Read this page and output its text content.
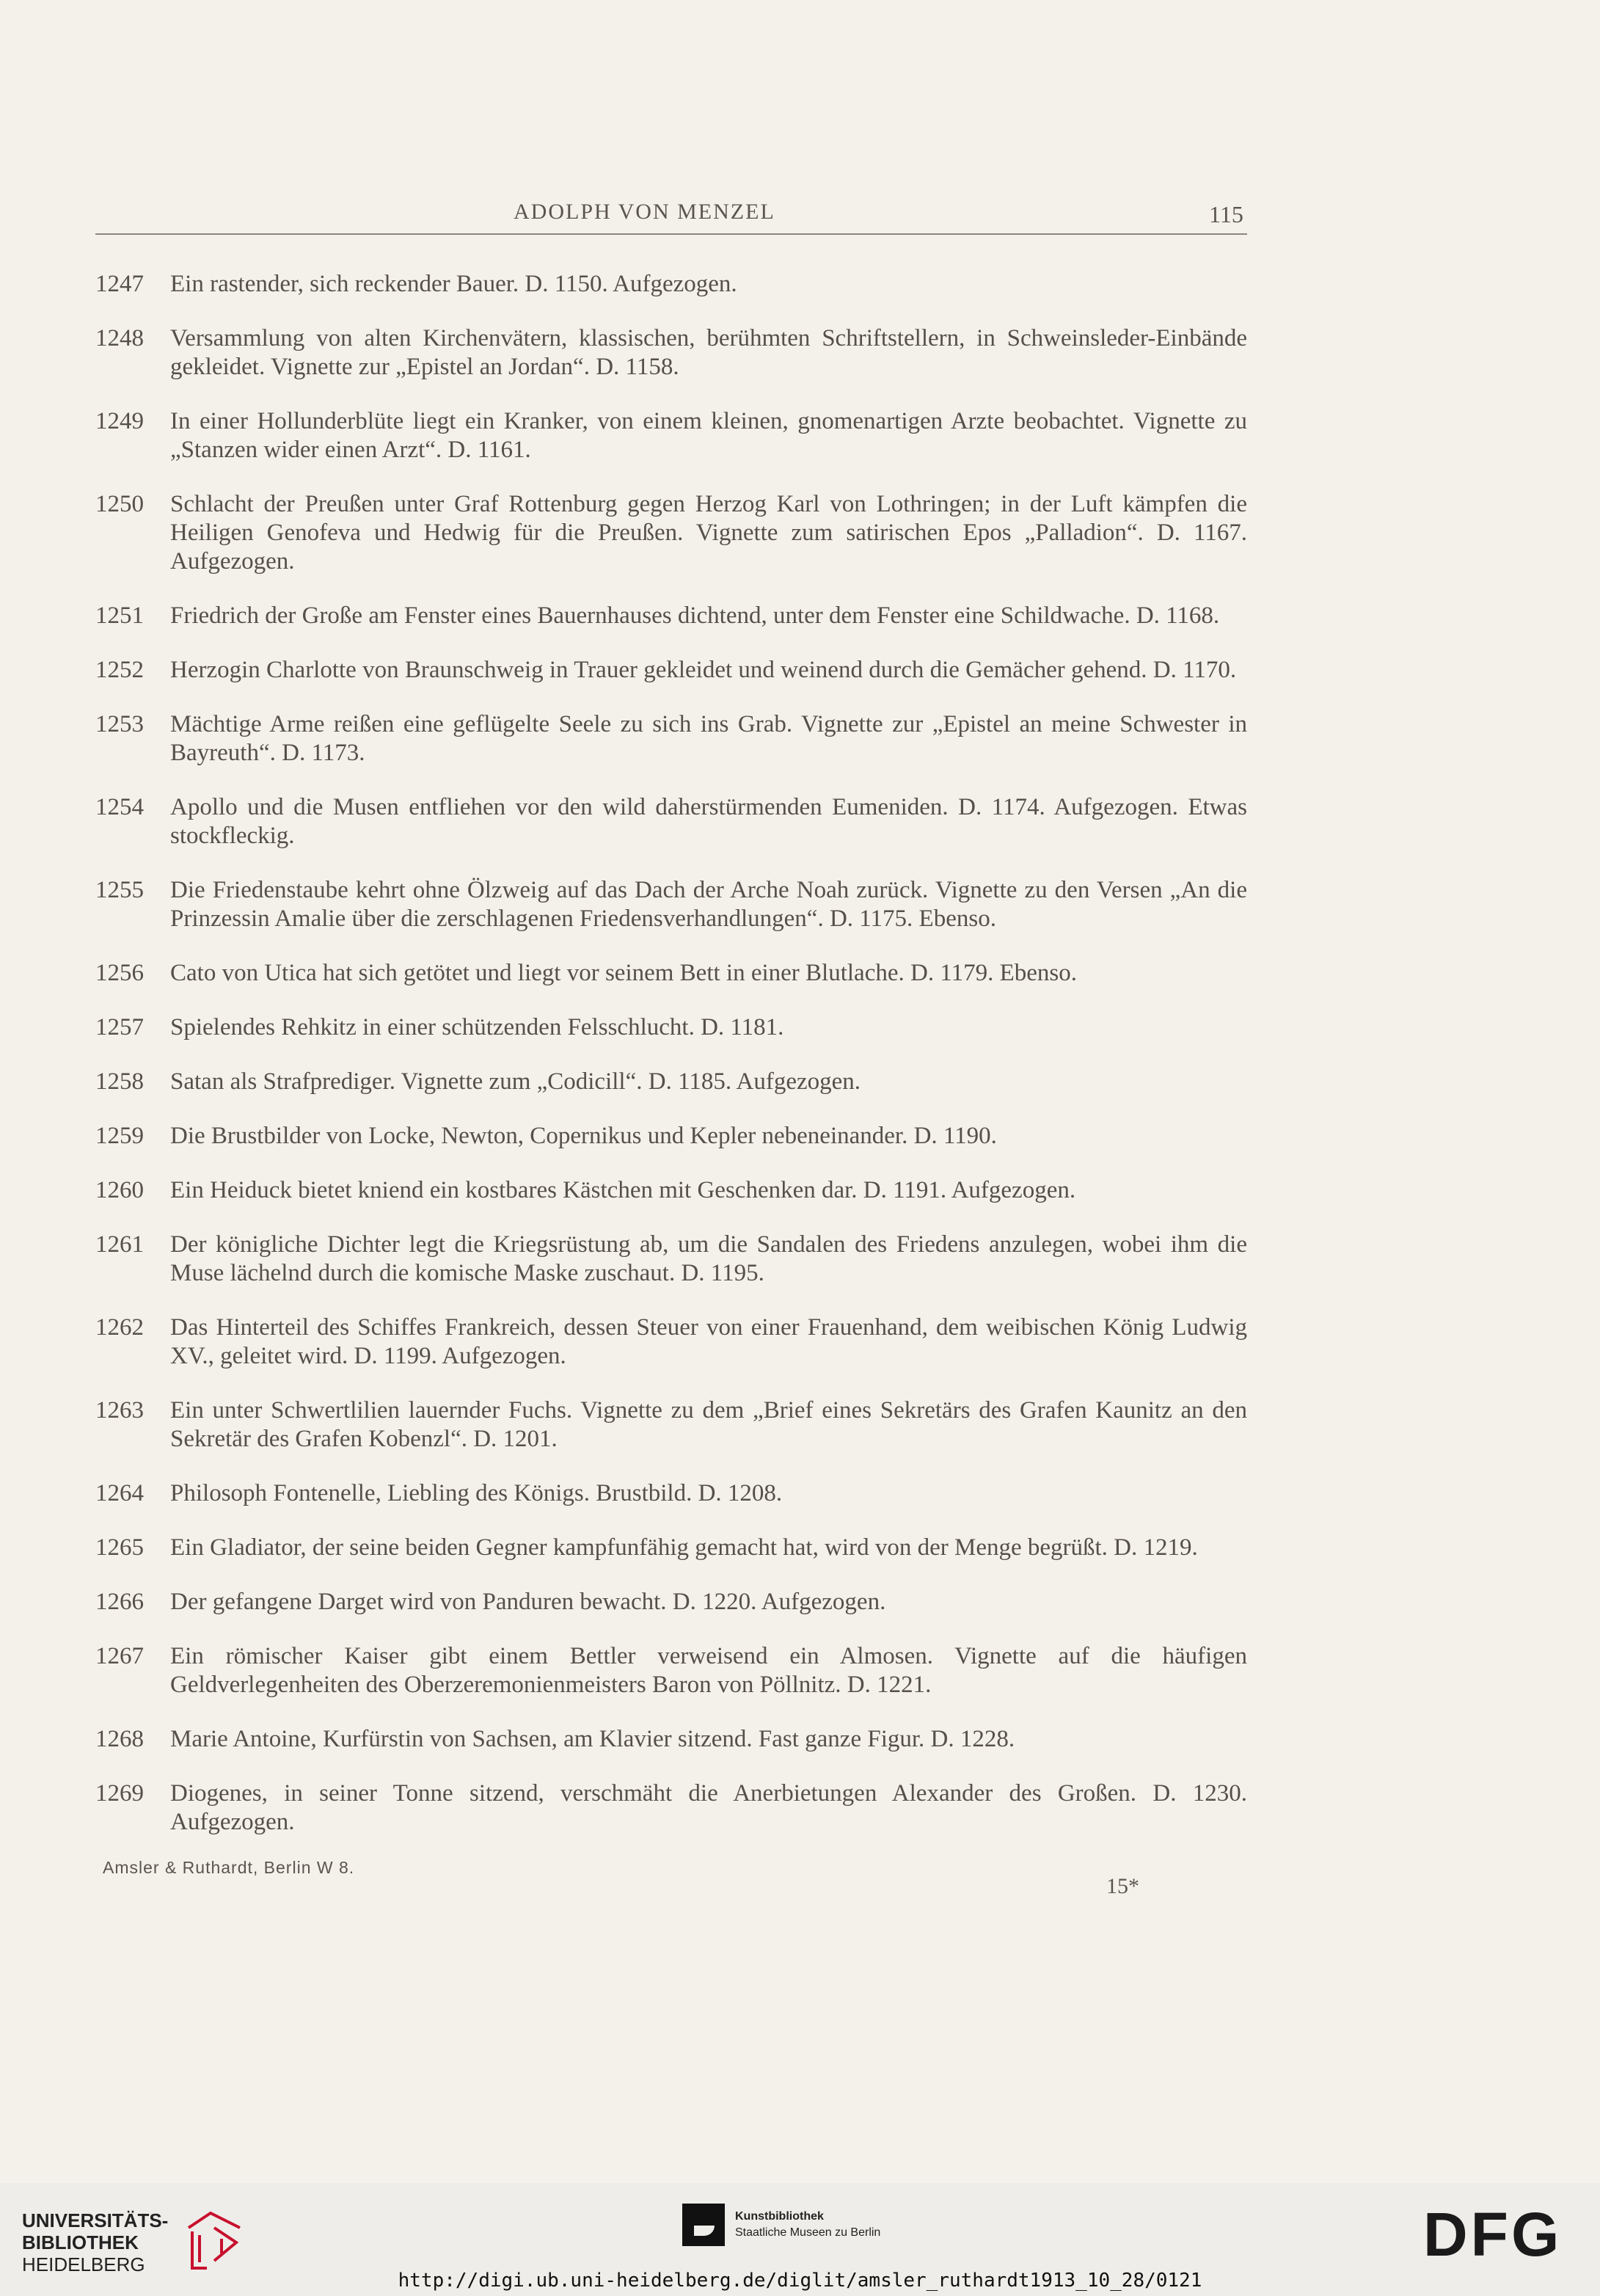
ADOLPH VON MENZEL	115
1247	Ein rastender, sich reckender Bauer. D. 1150. Aufgezogen.
1248	Versammlung von alten Kirchenvätern, klassischen, berühmten Schriftstellern, in Schweinsleder-Einbände gekleidet. Vignette zur „Epistel an Jordan“. D. 1158.
1249	In einer Hollunderblüte liegt ein Kranker, von einem kleinen, gnomenartigen Arzte beobachtet. Vignette zu „Stanzen wider einen Arzt“. D. 1161.
1250	Schlacht der Preußen unter Graf Rottenburg gegen Herzog Karl von Lothringen; in der Luft kämpfen die Heiligen Genofeva und Hedwig für die Preußen. Vignette zum satirischen Epos „Palladion“. D. 1167. Aufgezogen.
1251	Friedrich der Große am Fenster eines Bauernhauses dichtend, unter dem Fenster eine Schildwache. D. 1168.
1252	Herzogin Charlotte von Braunschweig in Trauer gekleidet und weinend durch die Gemächer gehend. D. 1170.
1253	Mächtige Arme reißen eine geflügelte Seele zu sich ins Grab. Vignette zur „Epistel an meine Schwester in Bayreuth“. D. 1173.
1254	Apollo und die Musen entfliehen vor den wild daherstürmenden Eumeniden. D. 1174. Aufgezogen. Etwas stockfleckig.
1255	Die Friedenstaube kehrt ohne Ölzweig auf das Dach der Arche Noah zurück. Vignette zu den Versen „An die Prinzessin Amalie über die zerschlagenen Friedensverhandlungen“. D. 1175. Ebenso.
1256	Cato von Utica hat sich getötet und liegt vor seinem Bett in einer Blutlache. D. 1179. Ebenso.
1257	Spielendes Rehkitz in einer schützenden Felsschlucht. D. 1181.
1258	Satan als Strafprediger. Vignette zum „Codicill“. D. 1185. Aufgezogen.
1259	Die Brustbilder von Locke, Newton, Copernikus und Kepler nebeneinander. D. 1190.
1260	Ein Heiduck bietet kniend ein kostbares Kästchen mit Geschenken dar. D. 1191. Aufgezogen.
1261	Der königliche Dichter legt die Kriegsrüstung ab, um die Sandalen des Friedens anzulegen, wobei ihm die Muse lächelnd durch die komische Maske zuschaut. D. 1195.
1262	Das Hinterteil des Schiffes Frankreich, dessen Steuer von einer Frauenhand, dem weibischen König Ludwig XV., geleitet wird. D. 1199. Aufgezogen.
1263	Ein unter Schwertlilien lauernder Fuchs. Vignette zu dem „Brief eines Sekretärs des Grafen Kaunitz an den Sekretär des Grafen Kobenzl“. D. 1201.
1264	Philosoph Fontenelle, Liebling des Königs. Brustbild. D. 1208.
1265	Ein Gladiator, der seine beiden Gegner kampfunfähig gemacht hat, wird von der Menge begrüßt. D. 1219.
1266	Der gefangene Darget wird von Panduren bewacht. D. 1220. Aufgezogen.
1267	Ein römischer Kaiser gibt einem Bettler verweisend ein Almosen. Vignette auf die häufigen Geldverlegenheiten des Oberzeremonienmeisters Baron von Pöllnitz. D. 1221.
1268	Marie Antoine, Kurfürstin von Sachsen, am Klavier sitzend. Fast ganze Figur. D. 1228.
1269	Diogenes, in seiner Tonne sitzend, verschmäht die Anerbietungen Alexander des Großen. D. 1230. Aufgezogen.
Amsler & Ruthardt, Berlin W 8.
15*
UNIVERSITÄTS-
BIBLIOTHEK
HEIDELBERG
Kunstbibliothek
Staatliche Museen zu Berlin	DFG
http://digi.ub.uni-heidelberg.de/diglit/amsler_ruthardt1913_10_28/0121
